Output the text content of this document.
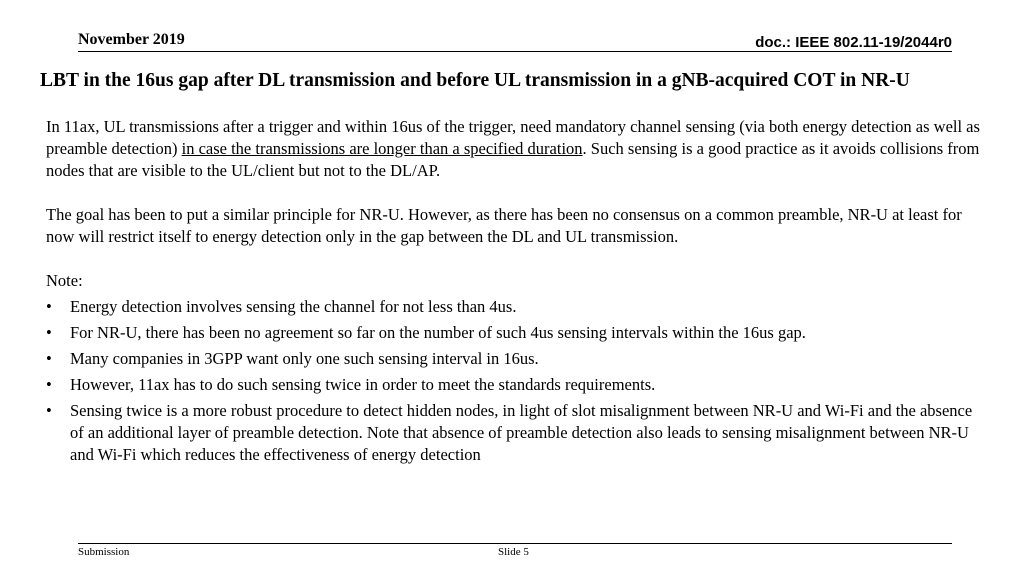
November 2019	doc.: IEEE 802.11-19/2044r0
LBT in the 16us gap after DL transmission and before UL transmission in a gNB-acquired COT in NR-U

In 11ax, UL transmissions after a trigger and within 16us of the trigger, need mandatory channel sensing (via both energy detection as well as preamble detection) in case the transmissions are longer than a specified duration. Such sensing is a good practice as it avoids collisions from nodes that are visible to the UL/client but not to the DL/AP.

The goal has been to put a similar principle for NR-U. However, as there has been no consensus on a common preamble, NR-U at least for now will restrict itself to energy detection only in the gap between the DL and UL transmission.

Note:

• Energy detection involves sensing the channel for not less than 4us.
• For NR-U, there has been no agreement so far on the number of such 4us sensing intervals within the 16us gap.
• Many companies in 3GPP want only one such sensing interval in 16us.
• However, 11ax has to do such sensing twice in order to meet the standards requirements.
• Sensing twice is a more robust procedure to detect hidden nodes, in light of slot misalignment between NR-U and Wi-Fi and the absence of an additional layer of preamble detection. Note that absence of preamble detection also leads to sensing misalignment between NR-U and Wi-Fi which reduces the effectiveness of energy detection
Submission	Slide 5
